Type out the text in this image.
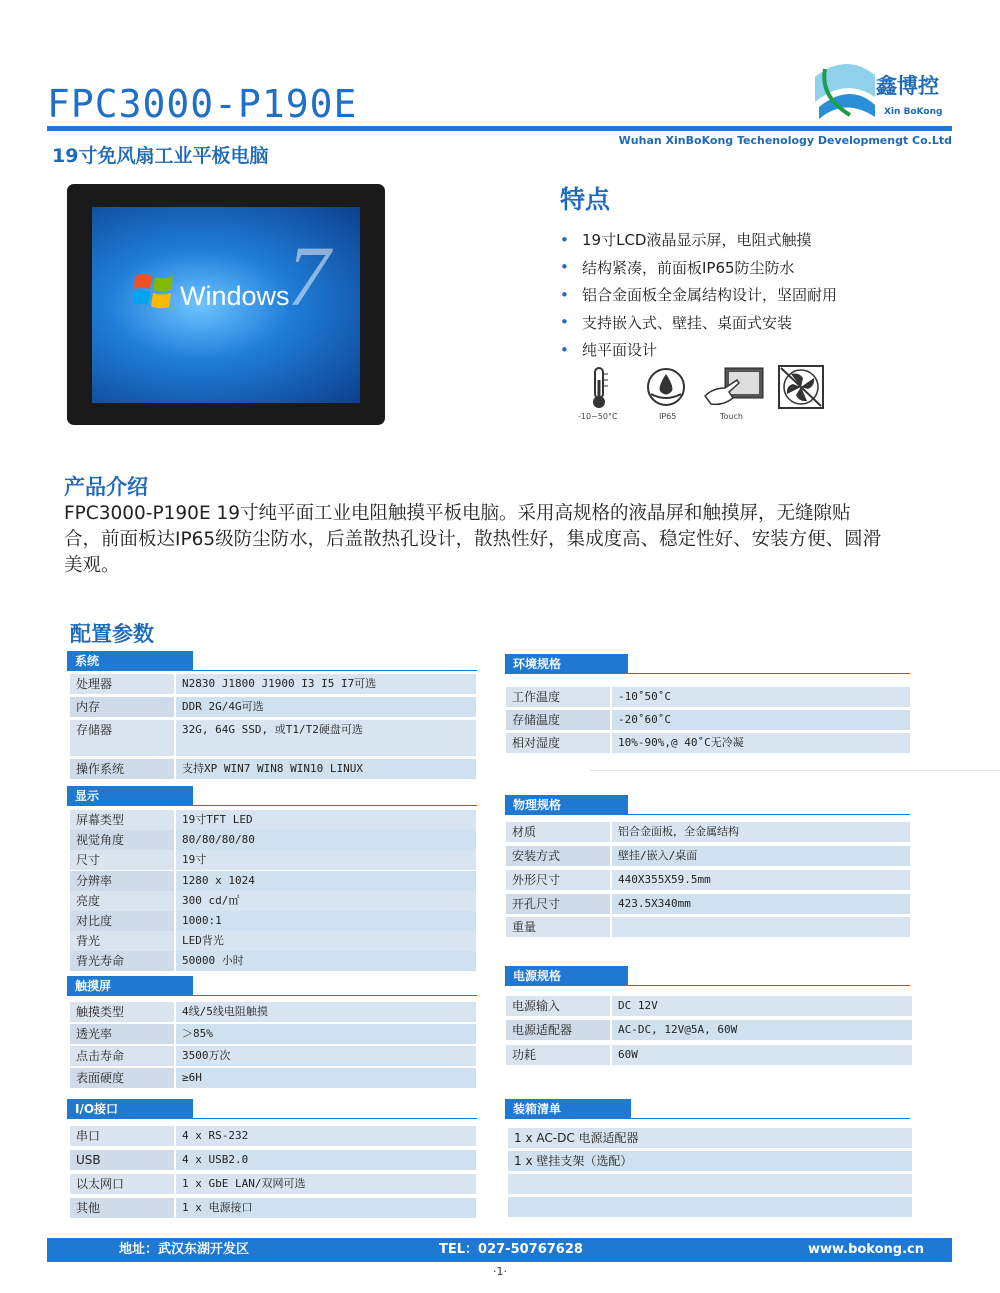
FPC3000-P190E
19寸免风扇工业平板电脑
Wuhan XinBoKong Techenology Developmengt Co.Ltd
鑫博控
Xin BoKong
7
Windows
特点
• 19寸LCD液晶显示屏，电阻式触摸
• 结构紧凑，前面板IP65防尘防水
• 铝合金面板全金属结构设计，坚固耐用
• 支持嵌入式、壁挂、桌面式安装
• 纯平面设计
-10~50°C	IP65	Touch
产品介绍

FPC3000-P190E 19寸纯平面工业电阻触摸平板电脑。采用高规格的液晶屏和触摸屏，无缝隙贴合，前面板达IP65级防尘防水，后盖散热孔设计，散热性好，集成度高、稳定性好、安装方便、圆滑美观。

配置参数
系统
处理器	N2830 J1800 J1900 I3 I5 I7可选
内存	DDR 2G/4G可选
存储器	32G, 64G SSD, 或T1/T2硬盘可选
操作系统	支持XP WIN7 WIN8 WIN10 LINUX
显示
屏幕类型	19寸TFT LED
视觉角度	80/80/80/80
尺寸	19寸
分辨率	1280 x 1024
亮度	300 cd/㎡
对比度	1000:1
背光	LED背光
背光寿命	50000 小时
触摸屏
触摸类型	4线/5线电阻触摸
透光率	＞85%
点击寿命	3500万次
表面硬度	≥6H
I/O接口
串口	4 x RS-232
USB	4 x USB2.0
以太网口	1 x GbE LAN/双网可选
其他	1 x 电源接口
环境规格
工作温度	-10˚50˚C
存储温度	-20˚60˚C
相对湿度	10%-90%,@ 40˚C无冷凝
物理规格
材质	铝合金面板，全金属结构
安装方式	壁挂/嵌入/桌面
外形尺寸	440X355X59.5mm
开孔尺寸	423.5X340mm
重量
电源规格
电源输入	DC 12V
电源适配器	AC-DC, 12V@5A, 60W
功耗	60W
装箱清单
1 x AC-DC 电源适配器
1 x 壁挂支架（选配）
地址：武汉东湖开发区	TEL：027-50767628	www.bokong.cn
·1·
